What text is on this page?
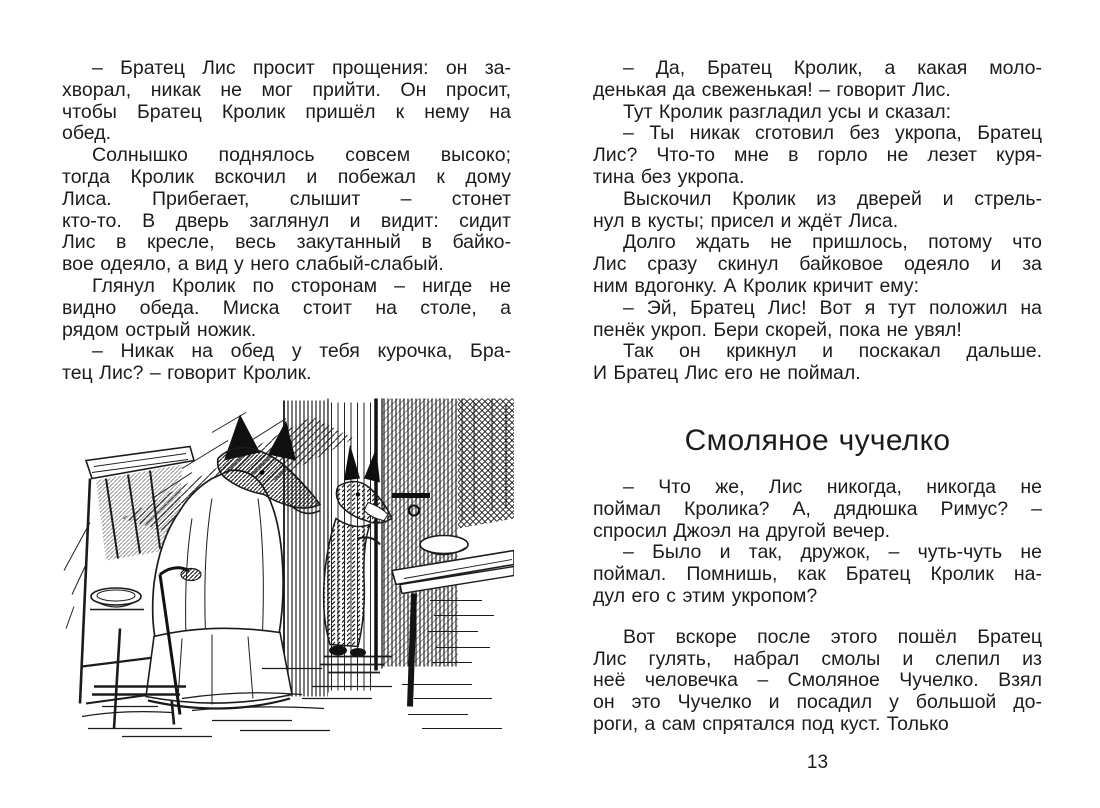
– Братец Лис просит прощения: он за-
хворал, никак не мог прийти. Он просит,
чтобы Братец Кролик пришёл к нему на
обед.

Солнышко поднялось совсем высоко;
тогда Кролик вскочил и побежал к дому
Лиса. Прибегает, слышит – стонет
кто-то. В дверь заглянул и видит: сидит
Лис в кресле, весь закутанный в байко-
вое одеяло, а вид у него слабый-слабый.

Глянул Кролик по сторонам – нигде не
видно обеда. Миска стоит на столе, а
рядом острый ножик.

– Никак на обед у тебя курочка, Бра-
тец Лис? – говорит Кролик.

– Да, Братец Кролик, а какая моло-
денькая да свеженькая! – говорит Лис.

Тут Кролик разгладил усы и сказал:

– Ты никак сготовил без укропа, Братец
Лис? Что-то мне в горло не лезет куря-
тина без укропа.

Выскочил Кролик из дверей и стрель-
нул в кусты; присел и ждёт Лиса.

Долго ждать не пришлось, потому что
Лис сразу скинул байковое одеяло и за
ним вдогонку. А Кролик кричит ему:

– Эй, Братец Лис! Вот я тут положил на
пенёк укроп. Бери скорей, пока не увял!

Так он крикнул и поскакал дальше.
И Братец Лис его не поймал.

Смоляное чучелко

– Что же, Лис никогда, никогда не
поймал Кролика? А, дядюшка Римус? –
спросил Джоэл на другой вечер.

– Было и так, дружок, – чуть-чуть не
поймал. Помнишь, как Братец Кролик на-
дул его с этим укропом?

Вот вскоре после этого пошёл Братец
Лис гулять, набрал смолы и слепил из
неё человечка – Смоляное Чучелко. Взял
он это Чучелко и посадил у большой до-
роги, а сам спрятался под куст. Только

13
